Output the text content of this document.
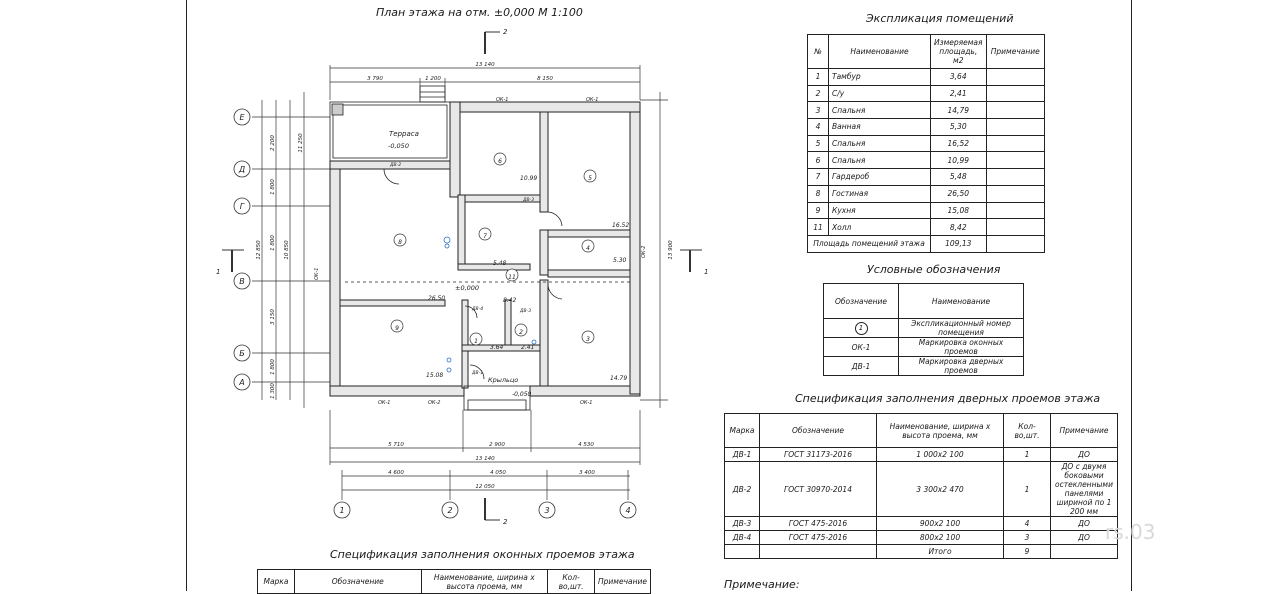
План этажа на отм. ±0,000 М 1:100
Е
Д
Г
В
Б
А
1	2	3	4
13 140
3 790	1 200	8 150
5 710	2 900	4 530
13 140
4 600	4 050	3 400
12 050
2 200
1 800
1 800
3 150
1 800
1 300
12 850	10 850
11 250
13 900
2
2
1	1
Терраса
-0,050
Крыльцо
-0,050
±0,000
1
3.64
2
2.41
3
14.79
4
5.30
5
16.52
6
10.99
7
5.48
8
26.50
9
15.08
11
8.42
ОК-1	ОК-1
ОК-1	ОК-2	ОК-1
ОК-2
ОК-1
ДВ-2
ДВ-3
ДВ-4	ДВ-3
ДВ-1
Экспликация помещений
№	Наименование	Измеряемая площадь, м2	Примечание
1	Тамбур	3,64	
2	С/у	2,41	
3	Спальня	14,79	
4	Ванная	5,30	
5	Спальня	16,52	
6	Спальня	10,99	
7	Гардероб	5,48	
8	Гостиная	26,50	
9	Кухня	15,08	
11	Холл	8,42	
Площадь помещений этажа		109,13	
Условные обозначения
Обозначение	Наименование
1	Экспликационный номер помещения
ОК-1	Маркировка оконных проемов
ДВ-1	Маркировка дверных проемов
Спецификация заполнения дверных проемов этажа
Марка	Обозначение	Наименование, ширина х высота проема, мм	Кол-во,шт.	Примечание
ДВ-1	ГОСТ 31173-2016	1 000х2 100	1	ДО
ДВ-2	ГОСТ 30970-2014	3 300х2 470	1	ДО с двумя боковыми остекленными панелями шириной по 1 200 мм
ДВ-3	ГОСТ 475-2016	900х2 100	4	ДО
ДВ-4	ГОСТ 475-2016	800х2 100	3	ДО
		Итого	9	
rs.03
Спецификация заполнения оконных проемов этажа
Марка	Обозначение	Наименование, ширина х высота проема, мм	Кол-во,шт.	Примечание	Примечание:
